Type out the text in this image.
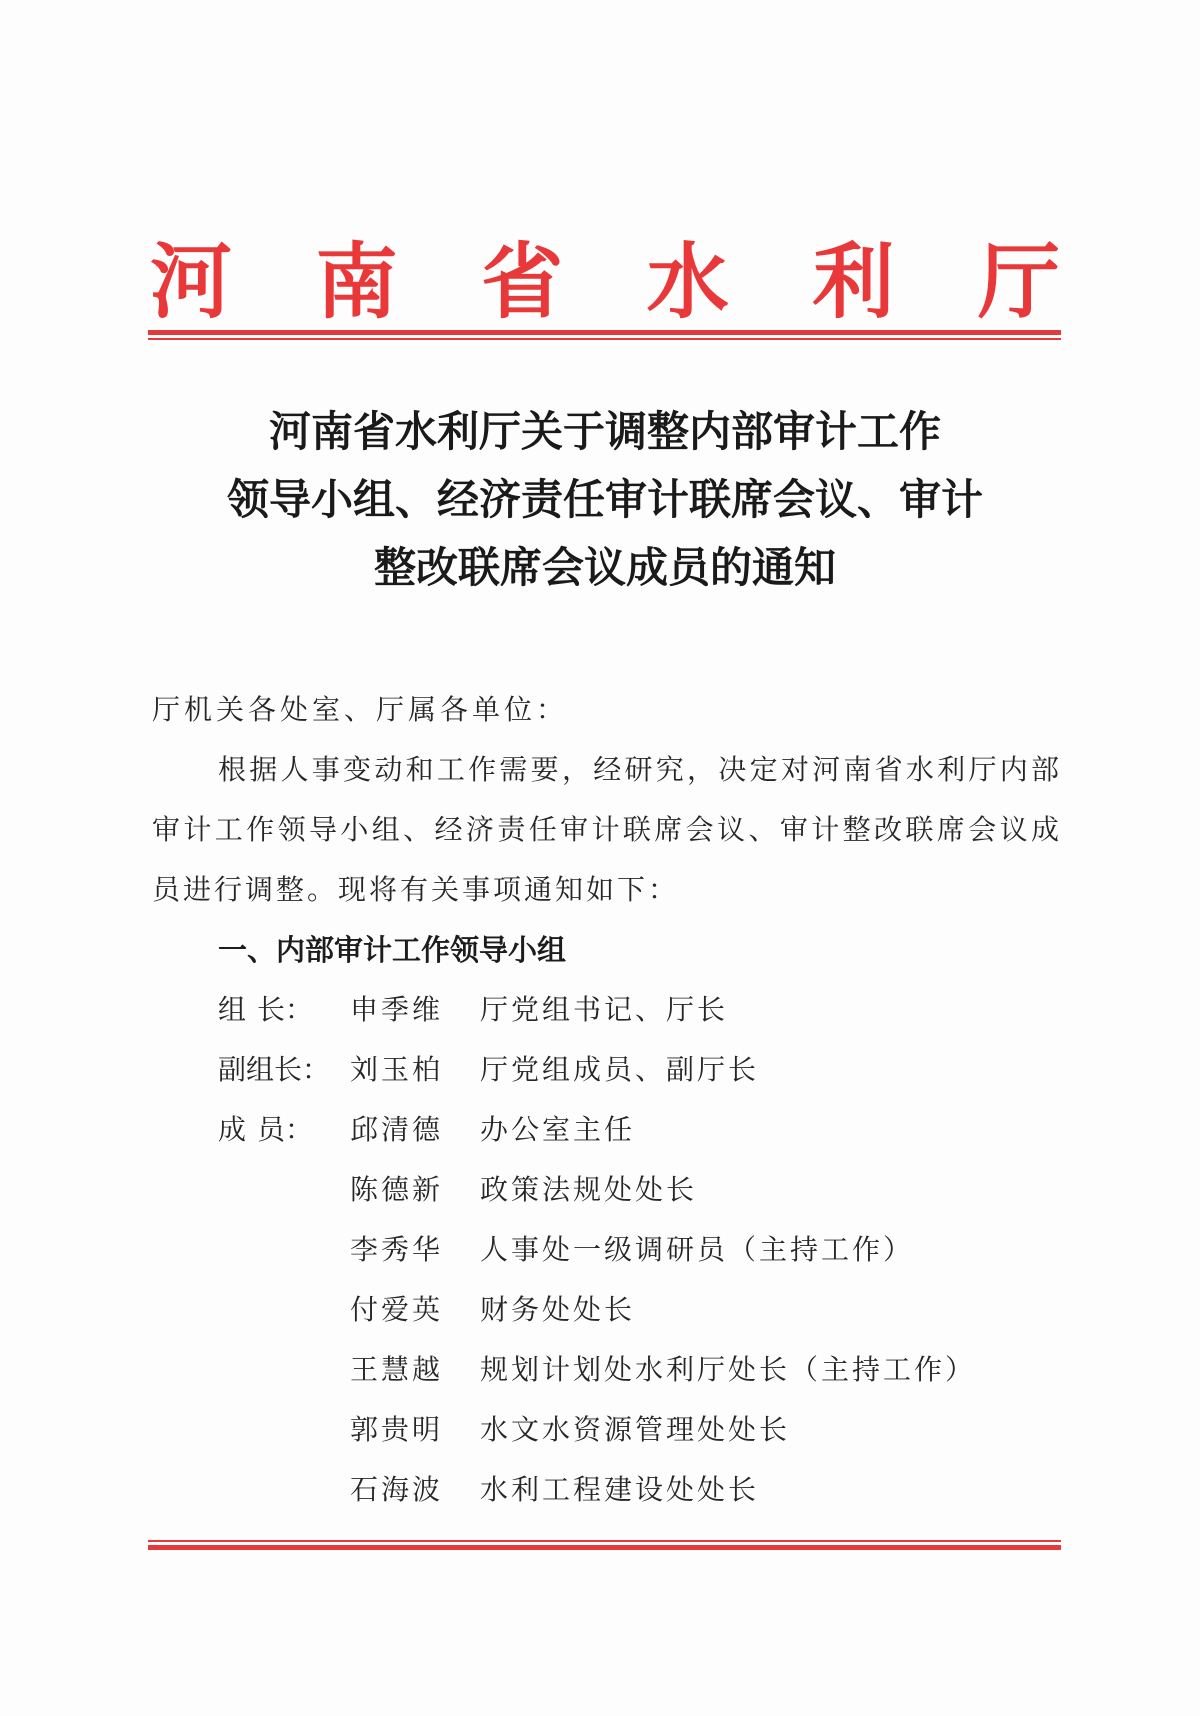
河 南 省 水 利 厅
河南省水利厅关于调整内部审计工作
领导小组、经济责任审计联席会议、审计
整改联席会议成员的通知
厅机关各处室、厅属各单位：
根据人事变动和工作需要，经研究，决定对河南省水利厅内部审计工作领导小组、经济责任审计联席会议、审计整改联席会议成员进行调整。现将有关事项通知如下：
一、内部审计工作领导小组
组 长： 申季维	厅党组书记、厅长
副 组 长： 刘玉柏	厅党组成员、副厅长
成 员： 邱清德	办公室主任
陈德新	政策法规处处长
李秀华	人事处一级调研员（主持工作）
付爱英	财务处处长
王慧越	规划计划处水利厅处长（主持工作）
郭贵明	水文水资源管理处处长
石海波	水利工程建设处处长
